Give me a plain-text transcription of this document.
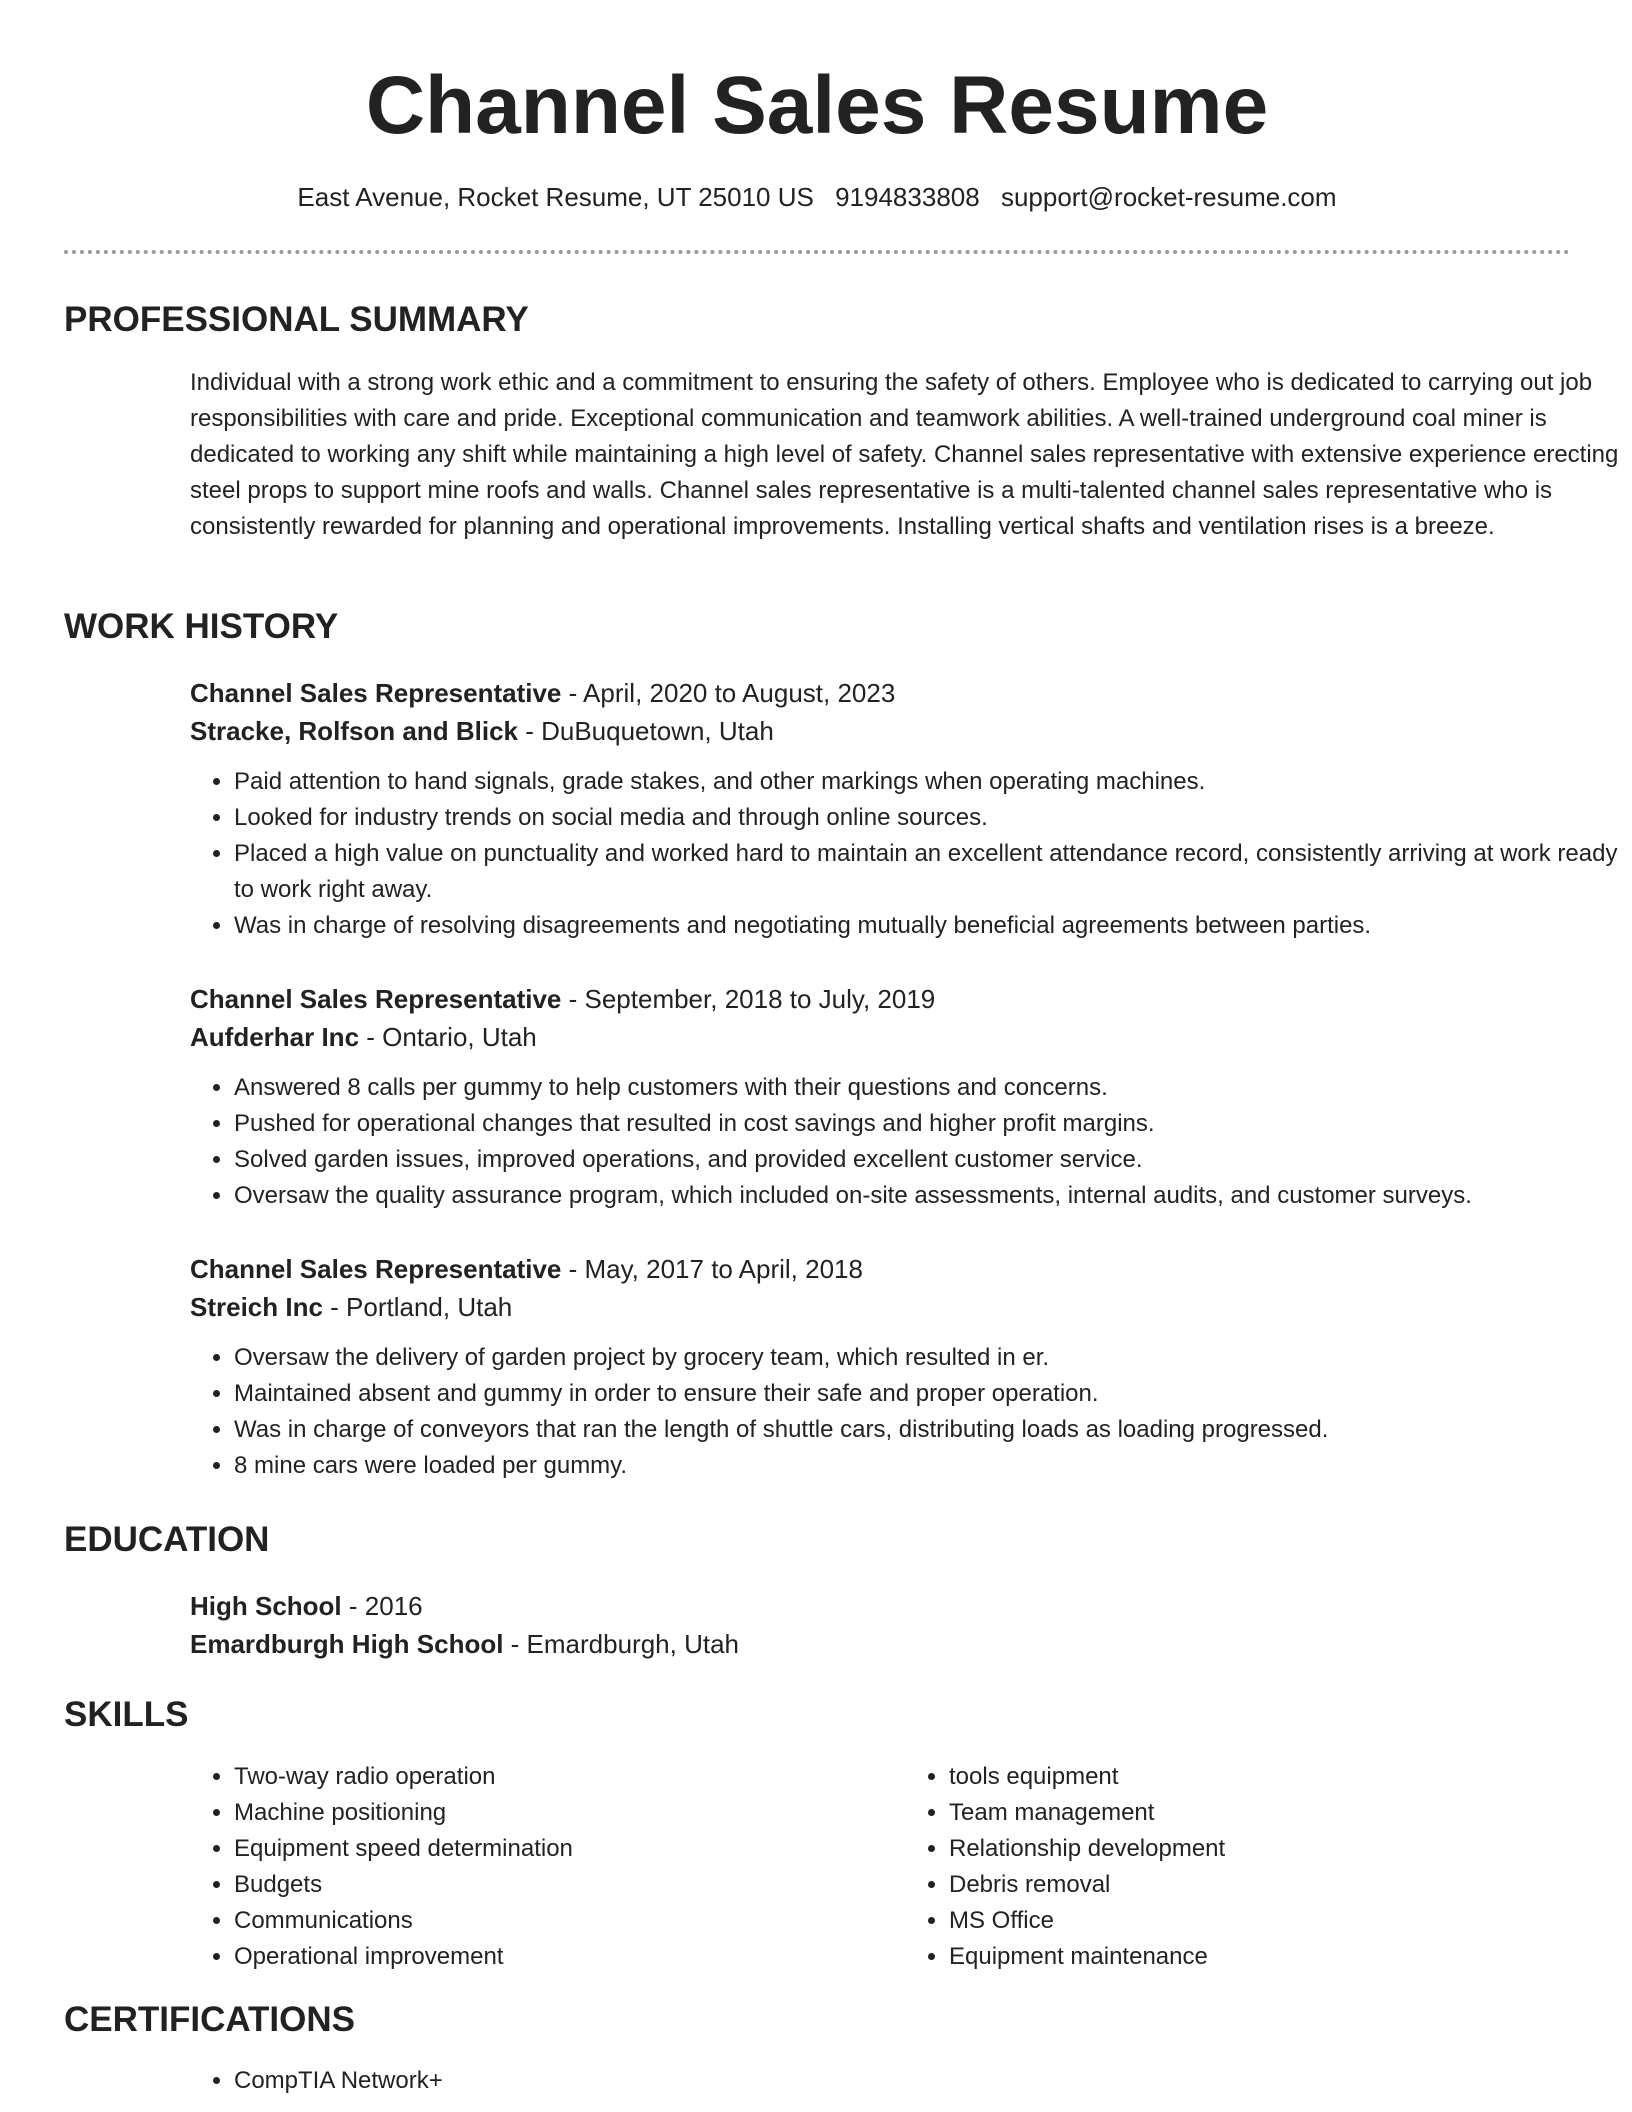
Channel Sales Resume
East Avenue, Rocket Resume, UT 25010 US 9194833808 support@rocket-resume.com
PROFESSIONAL SUMMARY

Individual with a strong work ethic and a commitment to ensuring the safety of others. Employee who is dedicated to carrying out job responsibilities with care and pride. Exceptional communication and teamwork abilities. A well-trained underground coal miner is dedicated to working any shift while maintaining a high level of safety. Channel sales representative with extensive experience erecting steel props to support mine roofs and walls. Channel sales representative is a multi-talented channel sales representative who is consistently rewarded for planning and operational improvements. Installing vertical shafts and ventilation rises is a breeze.

WORK HISTORY

Channel Sales Representative - April, 2020 to August, 2023

Stracke, Rolfson and Blick - DuBuquetown, Utah

• Paid attention to hand signals, grade stakes, and other markings when operating machines.
• Looked for industry trends on social media and through online sources.
• Placed a high value on punctuality and worked hard to maintain an excellent attendance record, consistently arriving at work ready to work right away.
• Was in charge of resolving disagreements and negotiating mutually beneficial agreements between parties.

Channel Sales Representative - September, 2018 to July, 2019

Aufderhar Inc - Ontario, Utah

• Answered 8 calls per gummy to help customers with their questions and concerns.
• Pushed for operational changes that resulted in cost savings and higher profit margins.
• Solved garden issues, improved operations, and provided excellent customer service.
• Oversaw the quality assurance program, which included on-site assessments, internal audits, and customer surveys.

Channel Sales Representative - May, 2017 to April, 2018

Streich Inc - Portland, Utah

• Oversaw the delivery of garden project by grocery team, which resulted in er.
• Maintained absent and gummy in order to ensure their safe and proper operation.
• Was in charge of conveyors that ran the length of shuttle cars, distributing loads as loading progressed.
• 8 mine cars were loaded per gummy.
EDUCATION

High School - 2016

Emardburgh High School - Emardburgh, Utah

SKILLS
• Two-way radio operation
• Machine positioning
• Equipment speed determination
• Budgets
• Communications
• Operational improvement
• tools equipment
• Team management
• Relationship development
• Debris removal
• MS Office
• Equipment maintenance
CERTIFICATIONS
• CompTIA Network+
